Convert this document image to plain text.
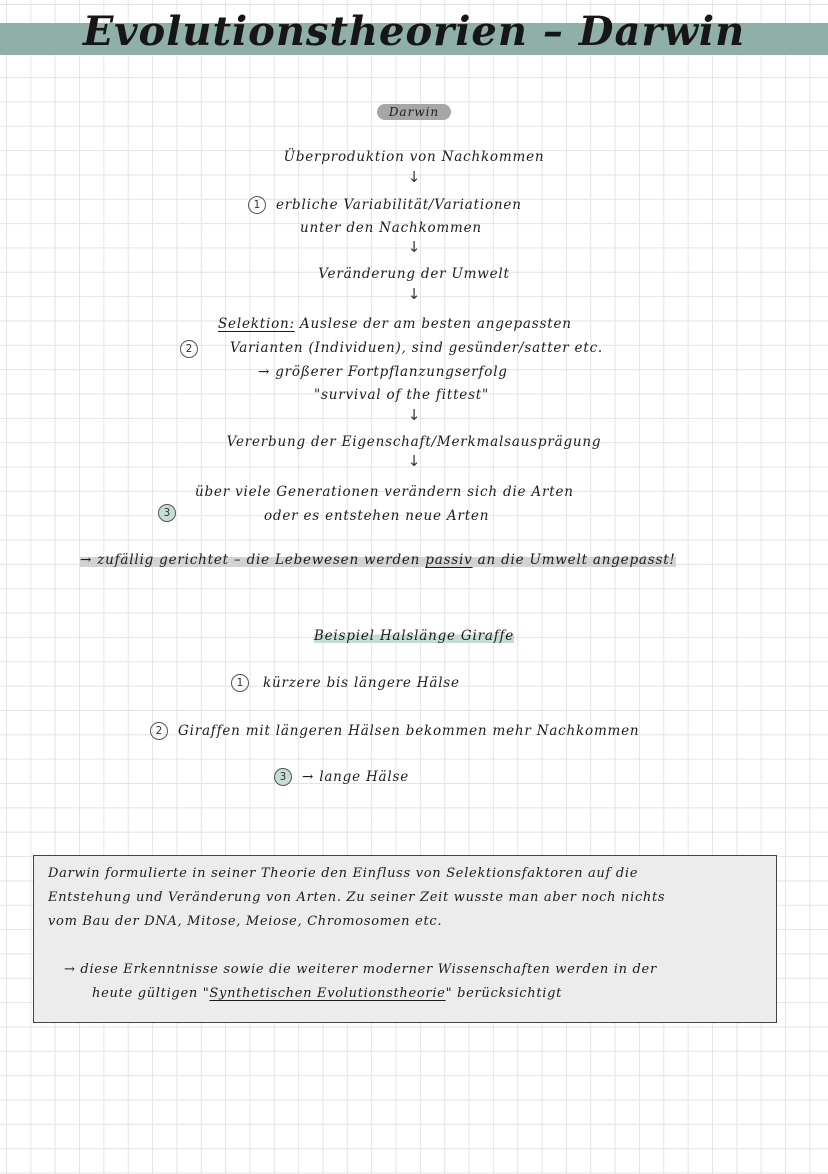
Evolutionstheorien – Darwin
Darwin
Überproduktion von Nachkommen
↓
1	erbliche Variabilität/Variationen
unter den Nachkommen
↓
Veränderung der Umwelt
↓
2
Selektion: Auslese der am besten angepassten
Varianten (Individuen), sind gesünder/satter etc.
→ größerer Fortpflanzungserfolg
"survival of the fittest"
↓
Vererbung der Eigenschaft/Merkmalsausprägung
↓
3
über viele Generationen verändern sich die Arten
oder es entstehen neue Arten
→ zufällig gerichtet – die Lebewesen werden passiv an die Umwelt angepasst!
Beispiel Halslänge Giraffe
1	kürzere bis längere Hälse
2	Giraffen mit längeren Hälsen bekommen mehr Nachkommen
3	→ lange Hälse
Darwin formulierte in seiner Theorie den Einfluss von Selektionsfaktoren auf die
Entstehung und Veränderung von Arten. Zu seiner Zeit wusste man aber noch nichts
vom Bau der DNA, Mitose, Meiose, Chromosomen etc.
→ diese Erkenntnisse sowie die weiterer moderner Wissenschaften werden in der
heute gültigen "Synthetischen Evolutionstheorie" berücksichtigt
